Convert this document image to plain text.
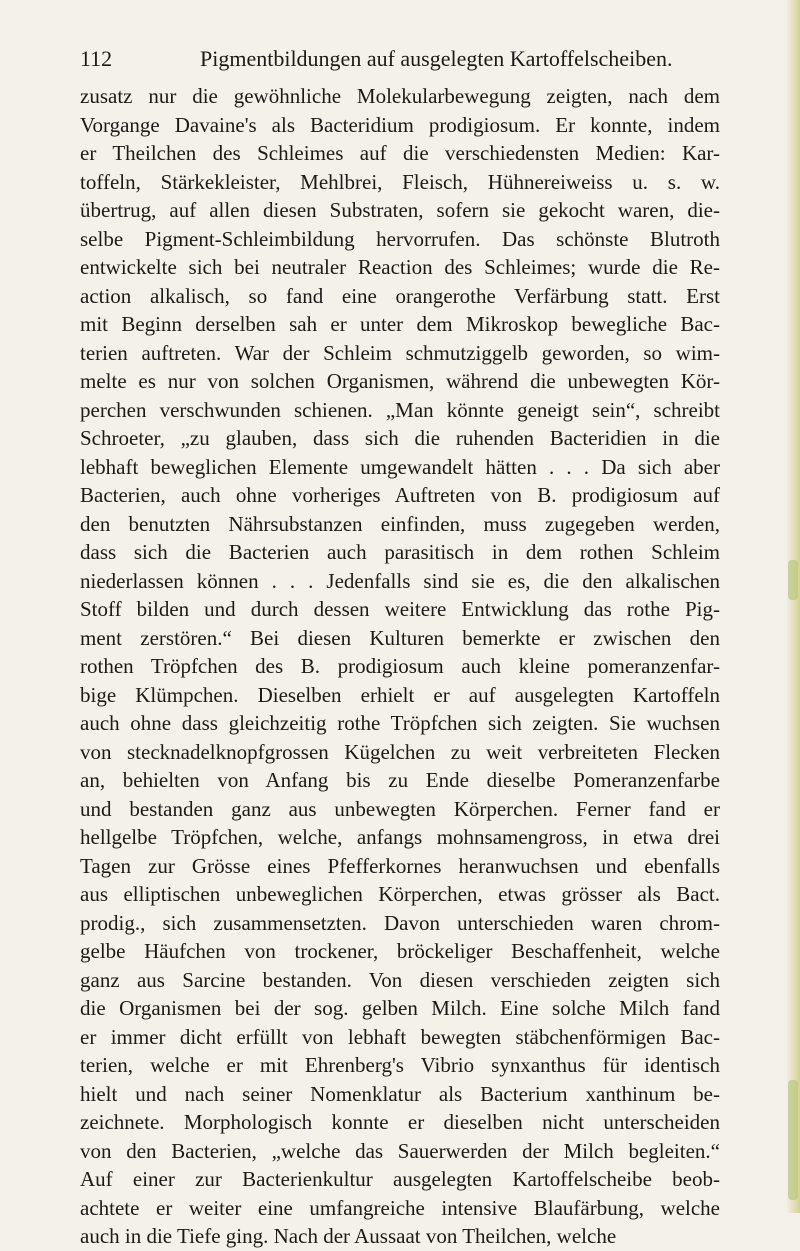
112	Pigmentbildungen auf ausgelegten Kartoffelscheiben.
zusatz nur die gewöhnliche Molekularbewegung zeigten, nach dem
Vorgange Davaine's als Bacteridium prodigiosum. Er konnte, indem
er Theilchen des Schleimes auf die verschiedensten Medien: Kar-
toffeln, Stärkekleister, Mehlbrei, Fleisch, Hühnereiweiss u. s. w.
übertrug, auf allen diesen Substraten, sofern sie gekocht waren, die-
selbe Pigment-Schleimbildung hervorrufen. Das schönste Blutroth
entwickelte sich bei neutraler Reaction des Schleimes; wurde die Re-
action alkalisch, so fand eine orangerothe Verfärbung statt. Erst
mit Beginn derselben sah er unter dem Mikroskop bewegliche Bac-
terien auftreten. War der Schleim schmutziggelb geworden, so wim-
melte es nur von solchen Organismen, während die unbewegten Kör-
perchen verschwunden schienen. „Man könnte geneigt sein“, schreibt
Schroeter, „zu glauben, dass sich die ruhenden Bacteridien in die
lebhaft beweglichen Elemente umgewandelt hätten . . . Da sich aber
Bacterien, auch ohne vorheriges Auftreten von B. prodigiosum auf
den benutzten Nährsubstanzen einfinden, muss zugegeben werden,
dass sich die Bacterien auch parasitisch in dem rothen Schleim
niederlassen können . . . Jedenfalls sind sie es, die den alkalischen
Stoff bilden und durch dessen weitere Entwicklung das rothe Pig-
ment zerstören.“ Bei diesen Kulturen bemerkte er zwischen den
rothen Tröpfchen des B. prodigiosum auch kleine pomeranzenfar-
bige Klümpchen. Dieselben erhielt er auf ausgelegten Kartoffeln
auch ohne dass gleichzeitig rothe Tröpfchen sich zeigten. Sie wuchsen
von stecknadelknopfgrossen Kügelchen zu weit verbreiteten Flecken
an, behielten von Anfang bis zu Ende dieselbe Pomeranzenfarbe
und bestanden ganz aus unbewegten Körperchen. Ferner fand er
hellgelbe Tröpfchen, welche, anfangs mohnsamengross, in etwa drei
Tagen zur Grösse eines Pfefferkornes heranwuchsen und ebenfalls
aus elliptischen unbeweglichen Körperchen, etwas grösser als Bact.
prodig., sich zusammensetzten. Davon unterschieden waren chrom-
gelbe Häufchen von trockener, bröckeliger Beschaffenheit, welche
ganz aus Sarcine bestanden. Von diesen verschieden zeigten sich
die Organismen bei der sog. gelben Milch. Eine solche Milch fand
er immer dicht erfüllt von lebhaft bewegten stäbchenförmigen Bac-
terien, welche er mit Ehrenberg's Vibrio synxanthus für identisch
hielt und nach seiner Nomenklatur als Bacterium xanthinum be-
zeichnete. Morphologisch konnte er dieselben nicht unterscheiden
von den Bacterien, „welche das Sauerwerden der Milch begleiten.“
Auf einer zur Bacterienkultur ausgelegten Kartoffelscheibe beob-
achtete er weiter eine umfangreiche intensive Blaufärbung, welche
auch in die Tiefe ging. Nach der Aussaat von Theilchen, welche
